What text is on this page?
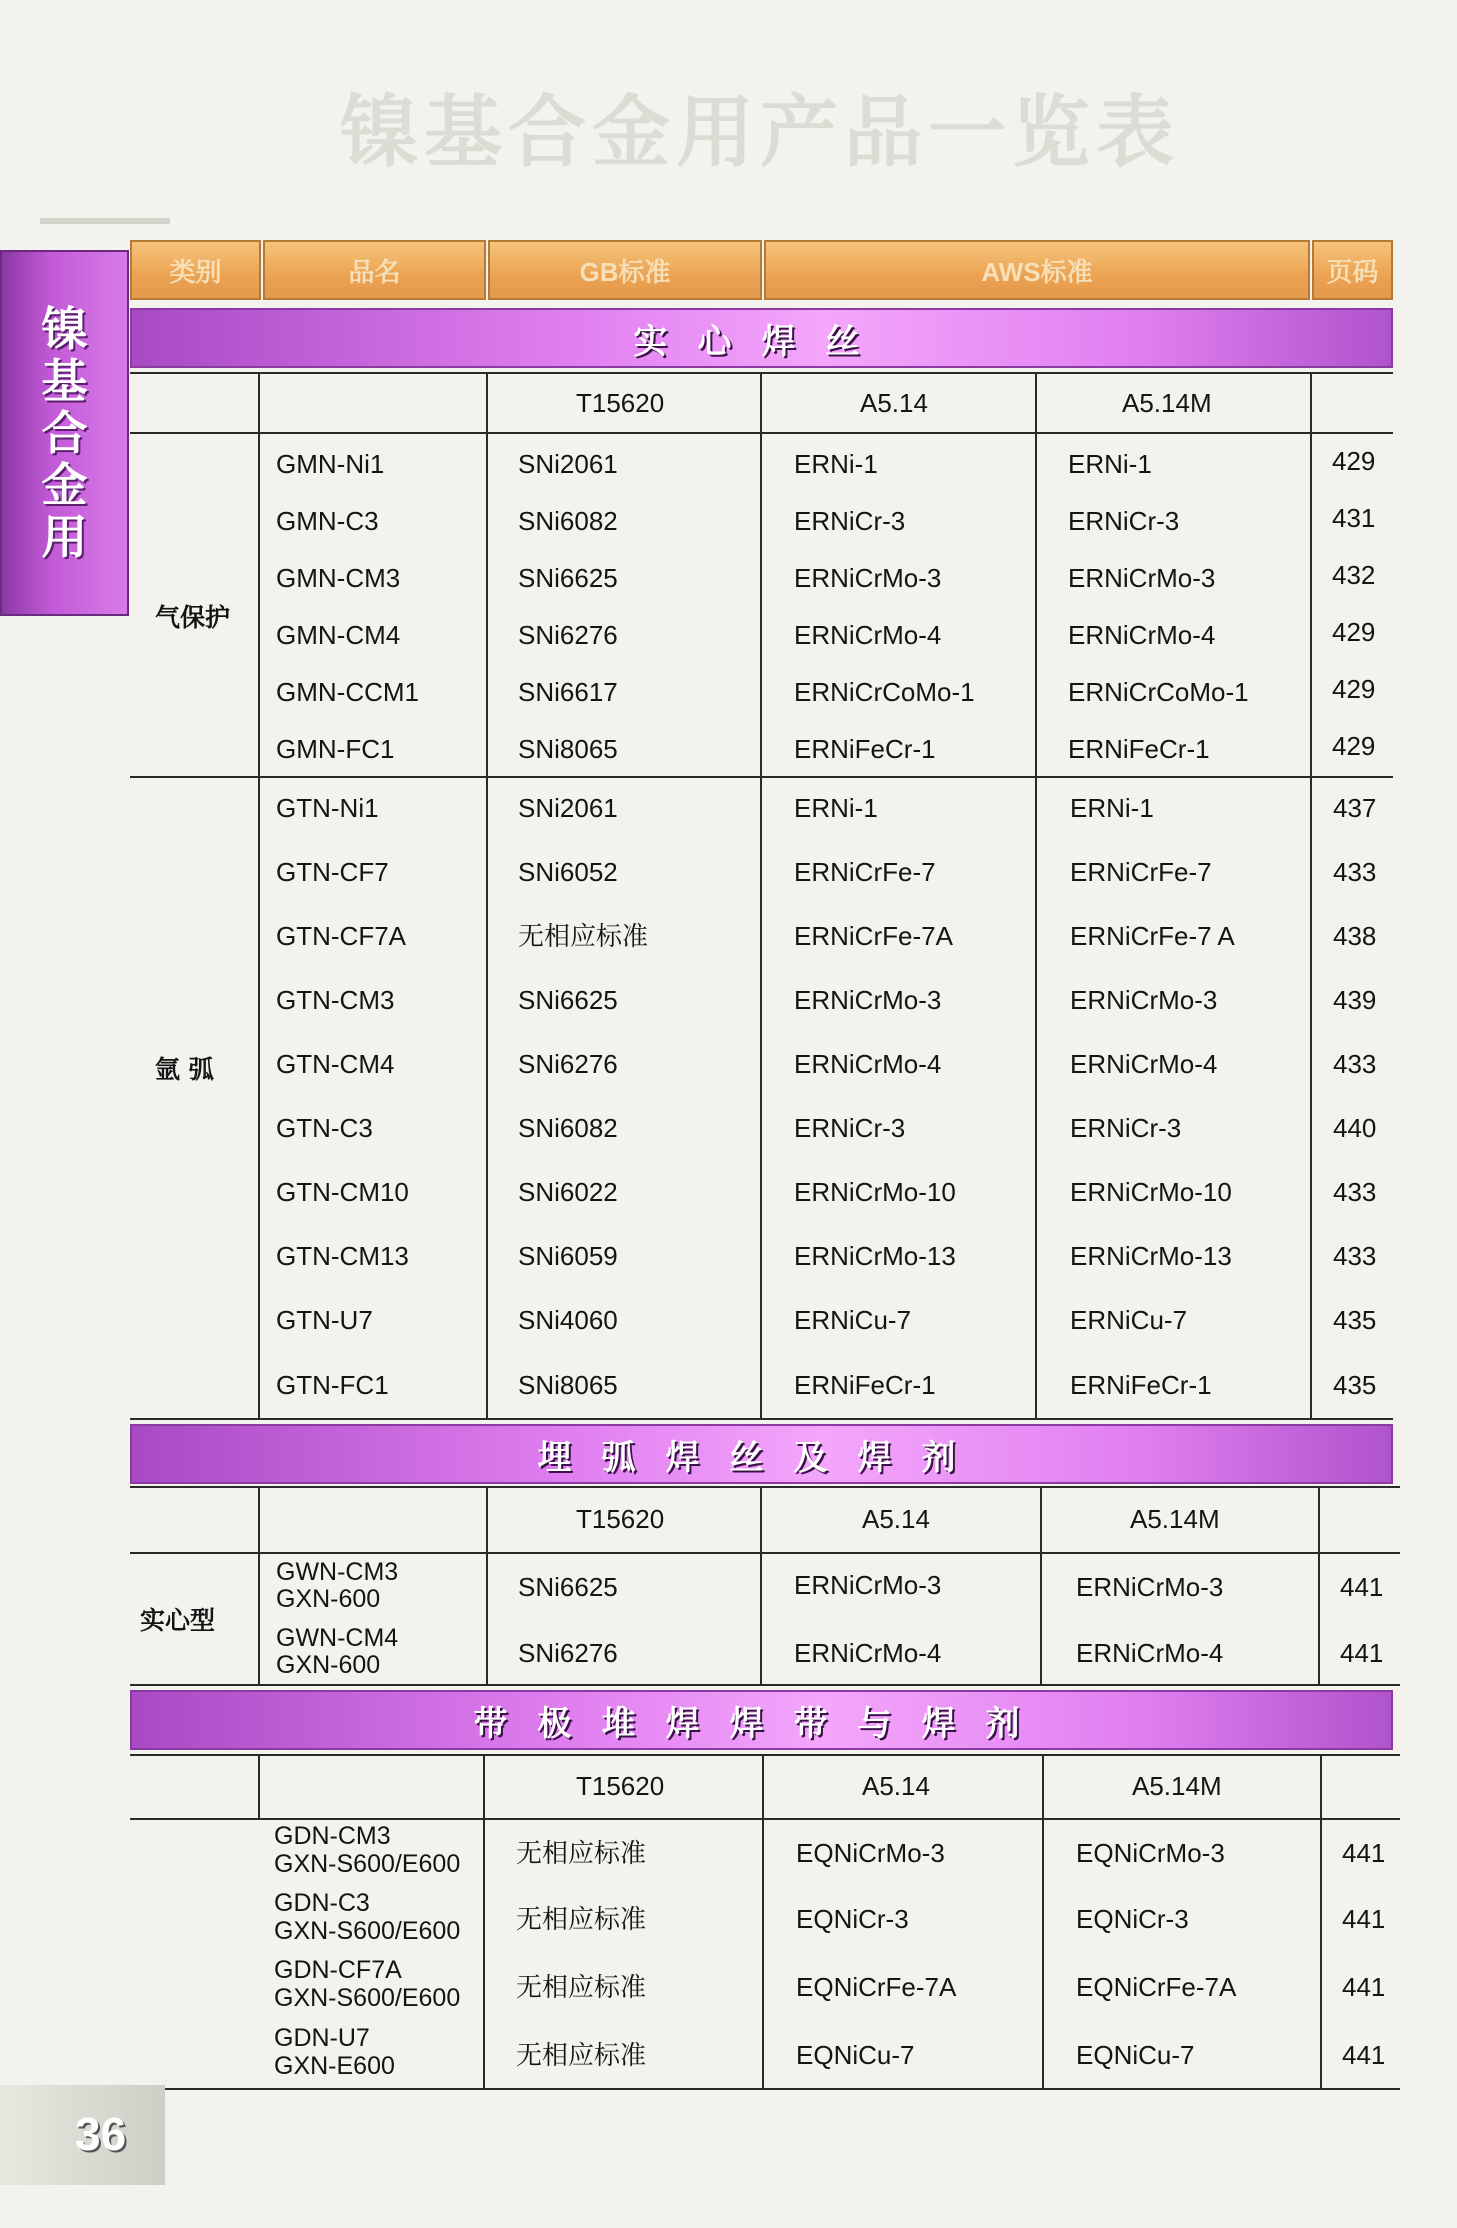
镍基合金用产品一览表
镍
基
合
金
用
类别	品名	GB标准	AWS标准	页码
实心焊丝
T15620	A5.14	A5.14M
气保护
GMN-Ni1	SNi2061	ERNi-1	ERNi-1	429
GMN-C3	SNi6082	ERNiCr-3	ERNiCr-3	431
GMN-CM3	SNi6625	ERNiCrMo-3	ERNiCrMo-3	432
GMN-CM4	SNi6276	ERNiCrMo-4	ERNiCrMo-4	429
GMN-CCM1	SNi6617	ERNiCrCoMo-1	ERNiCrCoMo-1	429
GMN-FC1	SNi8065	ERNiFeCr-1	ERNiFeCr-1	429
氩 弧
GTN-Ni1	SNi2061	ERNi-1	ERNi-1	437
GTN-CF7	SNi6052	ERNiCrFe-7	ERNiCrFe-7	433
GTN-CF7A	无相应标准	ERNiCrFe-7A	ERNiCrFe-7 A	438
GTN-CM3	SNi6625	ERNiCrMo-3	ERNiCrMo-3	439
GTN-CM4	SNi6276	ERNiCrMo-4	ERNiCrMo-4	433
GTN-C3	SNi6082	ERNiCr-3	ERNiCr-3	440
GTN-CM10	SNi6022	ERNiCrMo-10	ERNiCrMo-10	433
GTN-CM13	SNi6059	ERNiCrMo-13	ERNiCrMo-13	433
GTN-U7	SNi4060	ERNiCu-7	ERNiCu-7	435
GTN-FC1	SNi8065	ERNiFeCr-1	ERNiFeCr-1	435
埋弧焊丝及焊剂
T15620	A5.14	A5.14M
实心型
GWN-CM3
GXN-600	SNi6625	ERNiCrMo-3	ERNiCrMo-3	441
GWN-CM4
GXN-600	SNi6276	ERNiCrMo-4	ERNiCrMo-4	441
带极堆焊焊带与焊剂
T15620	A5.14	A5.14M
GDN-CM3
GXN-S600/E600 无相应标准	EQNiCrMo-3	EQNiCrMo-3	441
GDN-C3
GXN-S600/E600 无相应标准	EQNiCr-3	EQNiCr-3	441
GDN-CF7A
GXN-S600/E600 无相应标准	EQNiCrFe-7A	EQNiCrFe-7A	441
GDN-U7
GXN-E600	无相应标准	EQNiCu-7	EQNiCu-7	441
36
